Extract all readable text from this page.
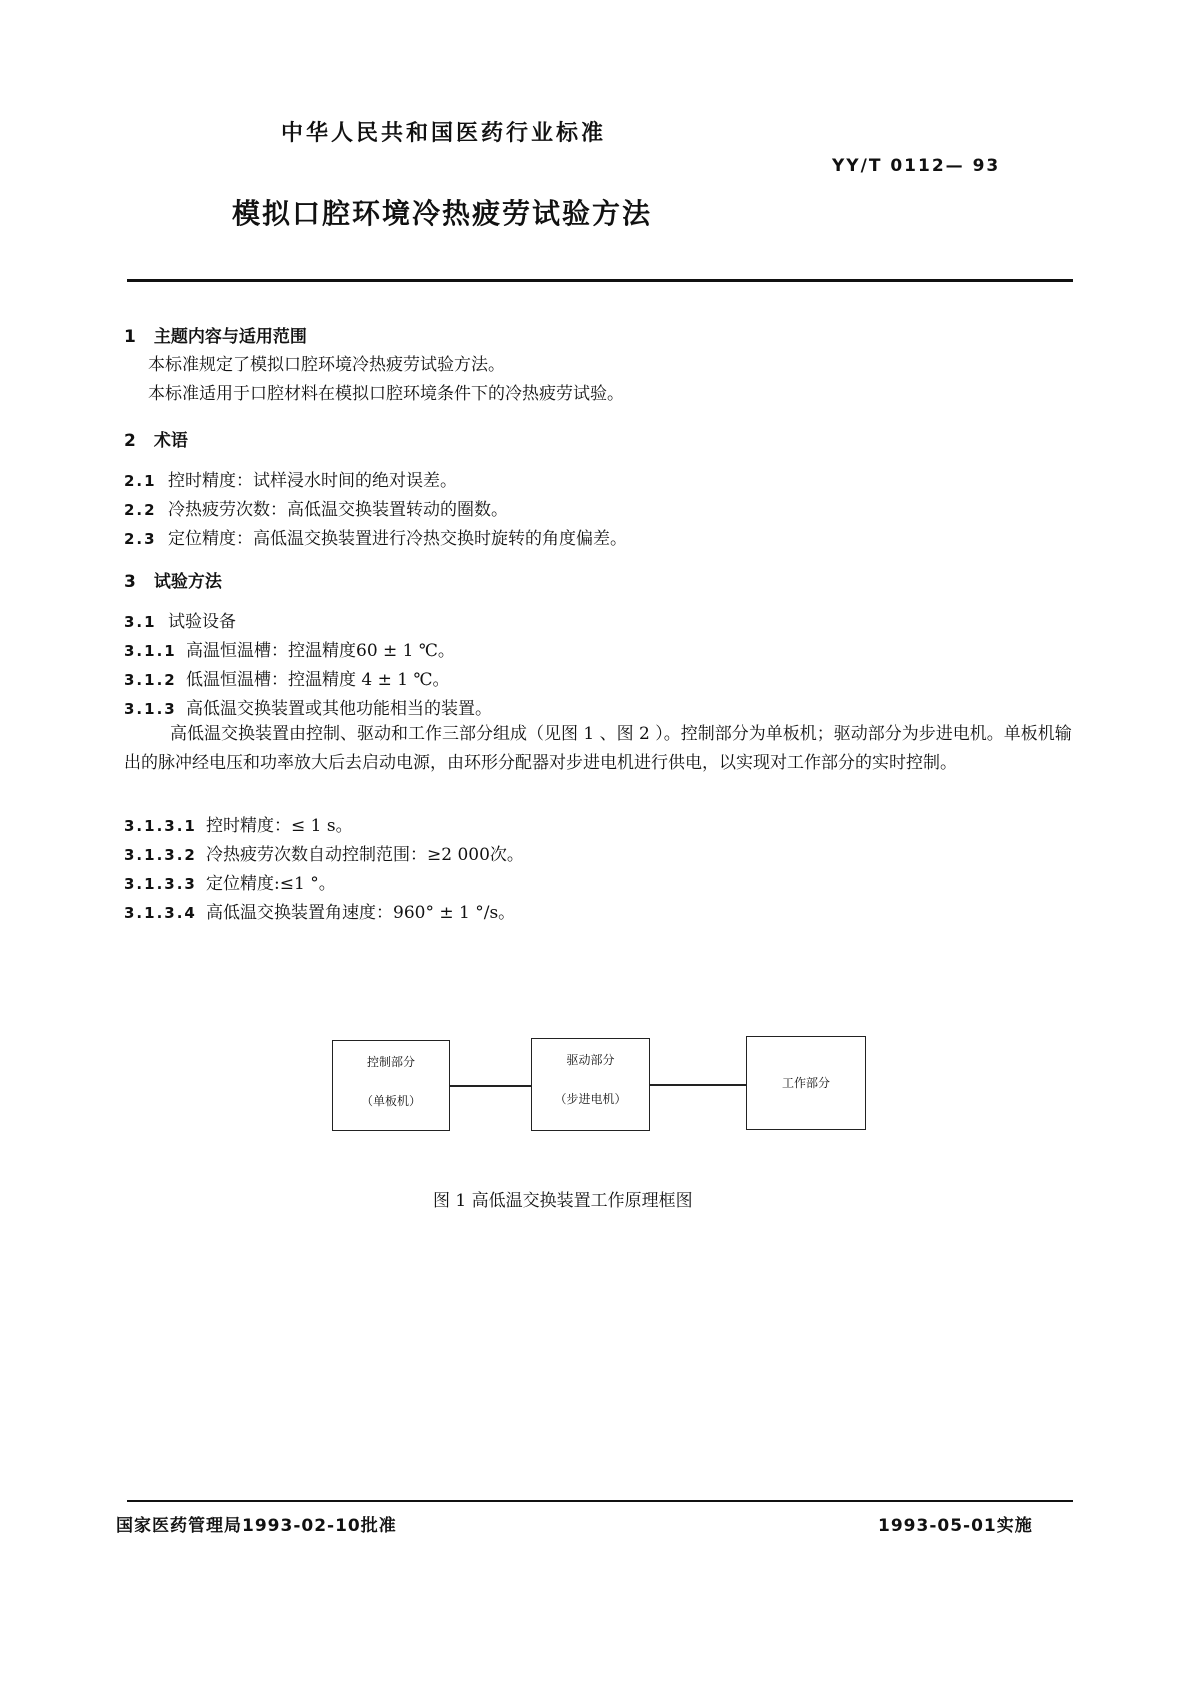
中华人民共和国医药行业标准
YY/T 0112— 93
模拟口腔环境冷热疲劳试验方法
1 主题内容与适用范围
本标准规定了模拟口腔环境冷热疲劳试验方法。
本标准适用于口腔材料在模拟口腔环境条件下的冷热疲劳试验。
2 术语
2.1 控时精度：试样浸水时间的绝对误差。
2.2 冷热疲劳次数：高低温交换装置转动的圈数。
2.3 定位精度：高低温交换装置进行冷热交换时旋转的角度偏差。
3 试验方法
3.1 试验设备
3.1.1 高温恒温槽：控温精度60 ± 1 ℃。
3.1.2 低温恒温槽：控温精度 4 ± 1 ℃。
3.1.3 高低温交换装置或其他功能相当的装置。
高低温交换装置由控制、驱动和工作三部分组成（见图 1 、图 2 ）。控制部分为单板机；驱动部分为步进电机。单板机输出的脉冲经电压和功率放大后去启动电源，由环形分配器对步进电机进行供电，以实现对工作部分的实时控制。
3.1.3.1 控时精度：≤ 1 s。
3.1.3.2 冷热疲劳次数自动控制范围：≥2 000次。
3.1.3.3 定位精度:≤1 °。
3.1.3.4 高低温交换装置角速度：960° ± 1 °/s。
控制部分
（单板机）
驱动部分
（步进电机）
工作部分
图 1 高低温交换装置工作原理框图
国家医药管理局1993-02-10批准	1993-05-01实施
